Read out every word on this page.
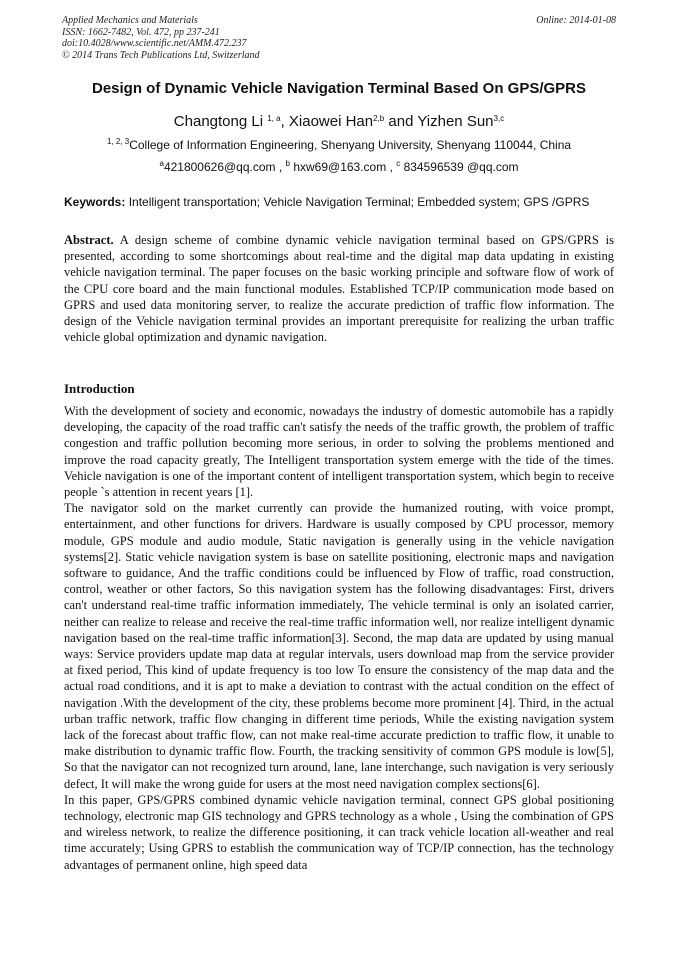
Applied Mechanics and Materials
ISSN: 1662-7482, Vol. 472, pp 237-241
doi:10.4028/www.scientific.net/AMM.472.237
© 2014 Trans Tech Publications Ltd, Switzerland
Online: 2014-01-08
Design of Dynamic Vehicle Navigation Terminal Based On GPS/GPRS
Changtong Li $^{1, a}$, Xiaowei Han$^{2,b}$ and Yizhen Sun$^{3,c}$
$^{1, 2, 3}$College of Information Engineering, Shenyang University, Shenyang 110044, China
$^a$421800626@qq.com , $^b$ hxw69@163.com , $^c$ 834596539 @qq.com
Keywords: Intelligent transportation; Vehicle Navigation Terminal; Embedded system; GPS /GPRS
Abstract. A design scheme of combine dynamic vehicle navigation terminal based on GPS/GPRS is presented, according to some shortcomings about real-time and the digital map data updating in existing vehicle navigation terminal. The paper focuses on the basic working principle and software flow of work of the CPU core board and the main functional modules. Established TCP/IP communication mode based on GPRS and used data monitoring server, to realize the accurate prediction of traffic flow information. The design of the Vehicle navigation terminal provides an important prerequisite for realizing the urban traffic vehicle global optimization and dynamic navigation.
Introduction

With the development of society and economic, nowadays the industry of domestic automobile has a rapidly developing, the capacity of the road traffic can't satisfy the needs of the traffic growth, the problem of traffic congestion and traffic pollution becoming more serious, in order to solving the problems mentioned and improve the road capacity greatly, The Intelligent transportation system emerge with the tide of the times. Vehicle navigation is one of the important content of intelligent transportation system, which begin to receive people `s attention in recent years [1].

The navigator sold on the market currently can provide the humanized routing, with voice prompt, entertainment, and other functions for drivers. Hardware is usually composed by CPU processor, memory module, GPS module and audio module, Static navigation is generally using in the vehicle navigation systems[2]. Static vehicle navigation system is base on satellite positioning, electronic maps and navigation software to guidance, And the traffic conditions could be influenced by Flow of traffic, road construction, control, weather or other factors, So this navigation system has the following disadvantages: First, drivers can't understand real-time traffic information immediately, The vehicle terminal is only an isolated carrier, neither can realize to release and receive the real-time traffic information well, nor realize intelligent dynamic navigation based on the real-time traffic information[3]. Second, the map data are updated by using manual ways: Service providers update map data at regular intervals, users download map from the service provider at fixed period, This kind of update frequency is too low To ensure the consistency of the map data and the actual road conditions, and it is apt to make a deviation to contrast with the actual condition on the effect of navigation .With the development of the city, these problems become more prominent [4]. Third, in the actual urban traffic network, traffic flow changing in different time periods, While the existing navigation system lack of the forecast about traffic flow, can not make real-time accurate prediction to traffic flow, it unable to make distribution to dynamic traffic flow. Fourth, the tracking sensitivity of common GPS module is low[5], So that the navigator can not recognized turn around, lane, lane interchange, such navigation is very seriously defect, It will make the wrong guide for users at the most need navigation complex sections[6].

In this paper, GPS/GPRS combined dynamic vehicle navigation terminal, connect GPS global positioning technology, electronic map GIS technology and GPRS technology as a whole , Using the combination of GPS and wireless network, to realize the difference positioning, it can track vehicle location all-weather and real time accurately; Using GPRS to establish the communication way of TCP/IP connection, has the technology advantages of permanent online, high speed data
